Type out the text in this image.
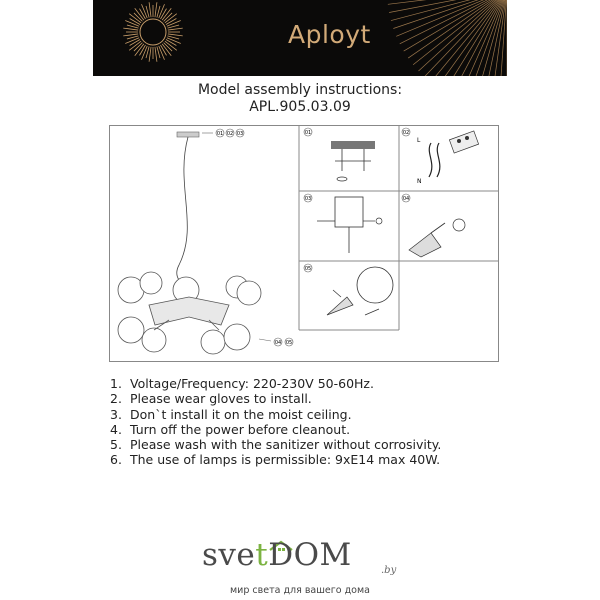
Aployt
Model assembly instructions:
APL.905.03.09
01 02 03
04 05
01	02
L
N
03	04
05
1. Voltage/Frequency: 220-230V 50-60Hz.
2. Please wear gloves to install.
3. Don`t install it on the moist ceiling.
4. Turn off the power before cleanout.
5. Please wash with the sanitizer without corrosivity.
6. The use of lamps is permissible: 9xE14 max 40W.
svetDOM	.by
мир света для вашего дома
